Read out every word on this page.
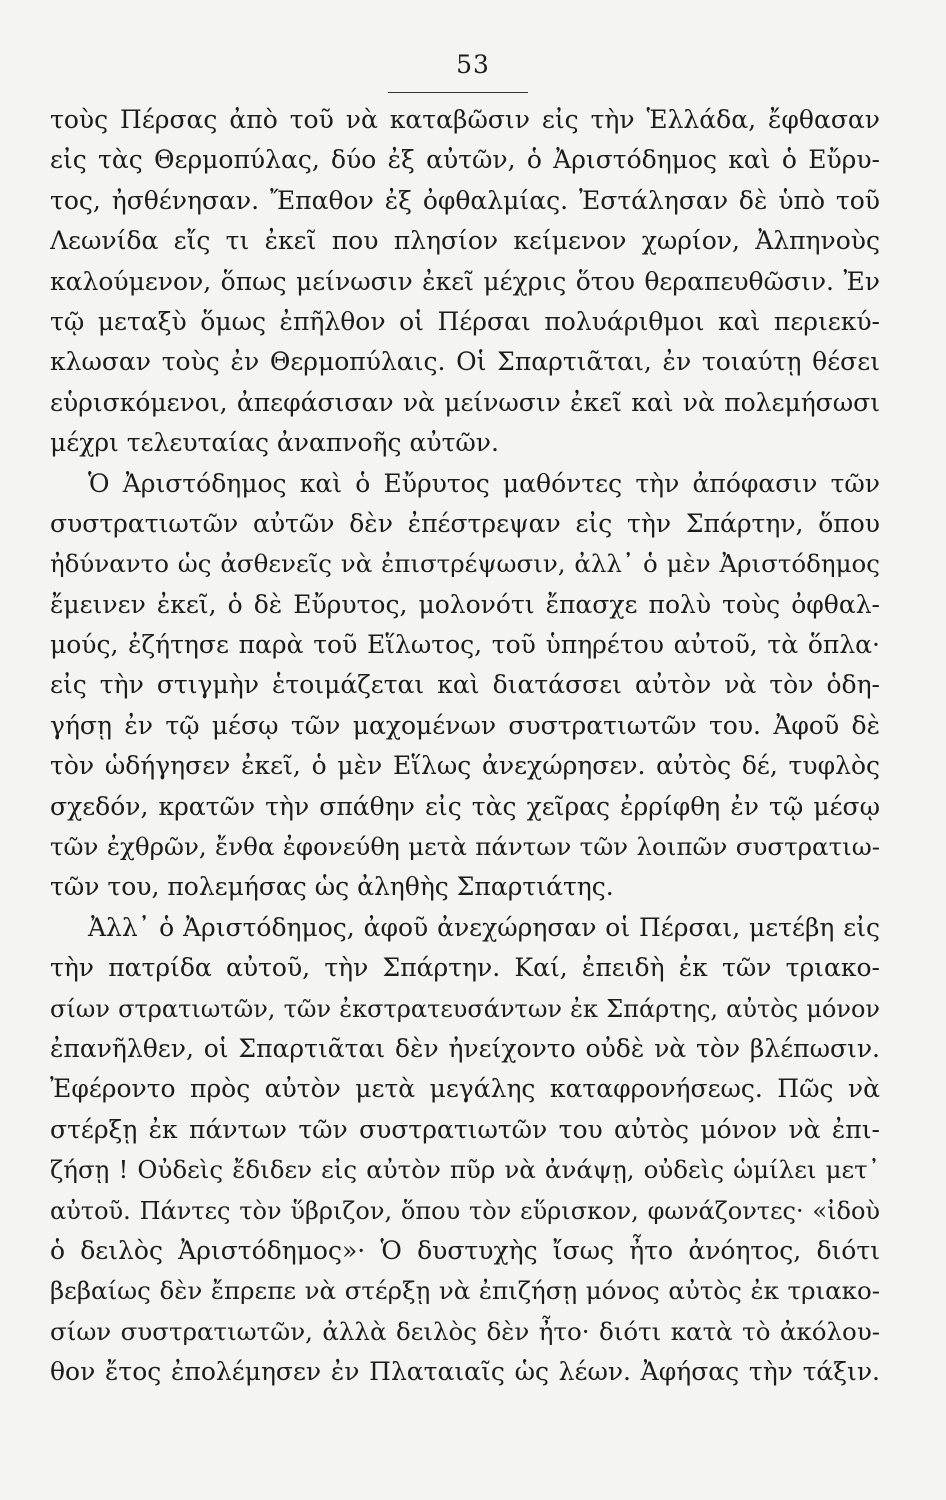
53
τοὺς Πέρσας ἀπὸ τοῦ νὰ καταβῶσιν εἰς τὴν Ἑλλάδα, ἔφθασαν
εἰς τὰς Θερμοπύλας, δύο ἐξ αὐτῶν, ὁ Ἀριστόδημος καὶ ὁ Εὔρυ-
τος, ἠσθένησαν. Ἔπαθον ἐξ ὀφθαλμίας. Ἐστάλησαν δὲ ὑπὸ τοῦ
Λεωνίδα εἴς τι ἐκεῖ που πλησίον κείμενον χωρίον, Ἀλπηνοὺς
καλούμενον, ὅπως μείνωσιν ἐκεῖ μέχρις ὅτου θεραπευθῶσιν. Ἐν
τῷ μεταξὺ ὅμως ἐπῆλθον οἱ Πέρσαι πολυάριθμοι καὶ περιεκύ-
κλωσαν τοὺς ἐν Θερμοπύλαις. Οἱ Σπαρτιᾶται, ἐν τοιαύτῃ θέσει
εὑρισκόμενοι, ἀπεφάσισαν νὰ μείνωσιν ἐκεῖ καὶ νὰ πολεμήσωσι
μέχρι τελευταίας ἀναπνοῆς αὐτῶν.
Ὁ Ἀριστόδημος καὶ ὁ Εὔρυτος μαθόντες τὴν ἀπόφασιν τῶν
συστρατιωτῶν αὐτῶν δὲν ἐπέστρεψαν εἰς τὴν Σπάρτην, ὅπου
ἠδύναντο ὡς ἀσθενεῖς νὰ ἐπιστρέψωσιν, ἀλλ᾽ ὁ μὲν Ἀριστόδημος
ἔμεινεν ἐκεῖ, ὁ δὲ Εὔρυτος, μολονότι ἔπασχε πολὺ τοὺς ὀφθαλ-
μούς, ἐζήτησε παρὰ τοῦ Εἵλωτος, τοῦ ὑπηρέτου αὐτοῦ, τὰ ὅπλα·
εἰς τὴν στιγμὴν ἑτοιμάζεται καὶ διατάσσει αὐτὸν νὰ τὸν ὁδη-
γήσῃ ἐν τῷ μέσῳ τῶν μαχομένων συστρατιωτῶν του. Ἀφοῦ δὲ
τὸν ὡδήγησεν ἐκεῖ, ὁ μὲν Εἵλως ἀνεχώρησεν. αὐτὸς δέ, τυφλὸς
σχεδόν, κρατῶν τὴν σπάθην εἰς τὰς χεῖρας ἐρρίφθη ἐν τῷ μέσῳ
τῶν ἐχθρῶν, ἔνθα ἐφονεύθη μετὰ πάντων τῶν λοιπῶν συστρατιω-
τῶν του, πολεμήσας ὡς ἀληθὴς Σπαρτιάτης.
Ἀλλ᾽ ὁ Ἀριστόδημος, ἀφοῦ ἀνεχώρησαν οἱ Πέρσαι, μετέβη εἰς
τὴν πατρίδα αὐτοῦ, τὴν Σπάρτην. Καί, ἐπειδὴ ἐκ τῶν τριακο-
σίων στρατιωτῶν, τῶν ἐκστρατευσάντων ἐκ Σπάρτης, αὐτὸς μόνον
ἐπανῆλθεν, οἱ Σπαρτιᾶται δὲν ἠνείχοντο οὐδὲ νὰ τὸν βλέπωσιν.
Ἐφέροντο πρὸς αὐτὸν μετὰ μεγάλης καταφρονήσεως. Πῶς νὰ
στέρξῃ ἐκ πάντων τῶν συστρατιωτῶν του αὐτὸς μόνον νὰ ἐπι-
ζήσῃ ! Οὐδεὶς ἔδιδεν εἰς αὐτὸν πῦρ νὰ ἀνάψῃ, οὐδεὶς ὡμίλει μετ᾽
αὐτοῦ. Πάντες τὸν ὕβριζον, ὅπου τὸν εὕρισκον, φωνάζοντες· «ἰδοὺ
ὁ δειλὸς Ἀριστόδημος»· Ὁ δυστυχὴς ἴσως ἦτο ἀνόητος, διότι
βεβαίως δὲν ἔπρεπε νὰ στέρξῃ νὰ ἐπιζήσῃ μόνος αὐτὸς ἐκ τριακο-
σίων συστρατιωτῶν, ἀλλὰ δειλὸς δὲν ἦτο· διότι κατὰ τὸ ἀκόλου-
θον ἔτος ἐπολέμησεν ἐν Πλαταιαῖς ὡς λέων. Ἀφήσας τὴν τάξιν.
